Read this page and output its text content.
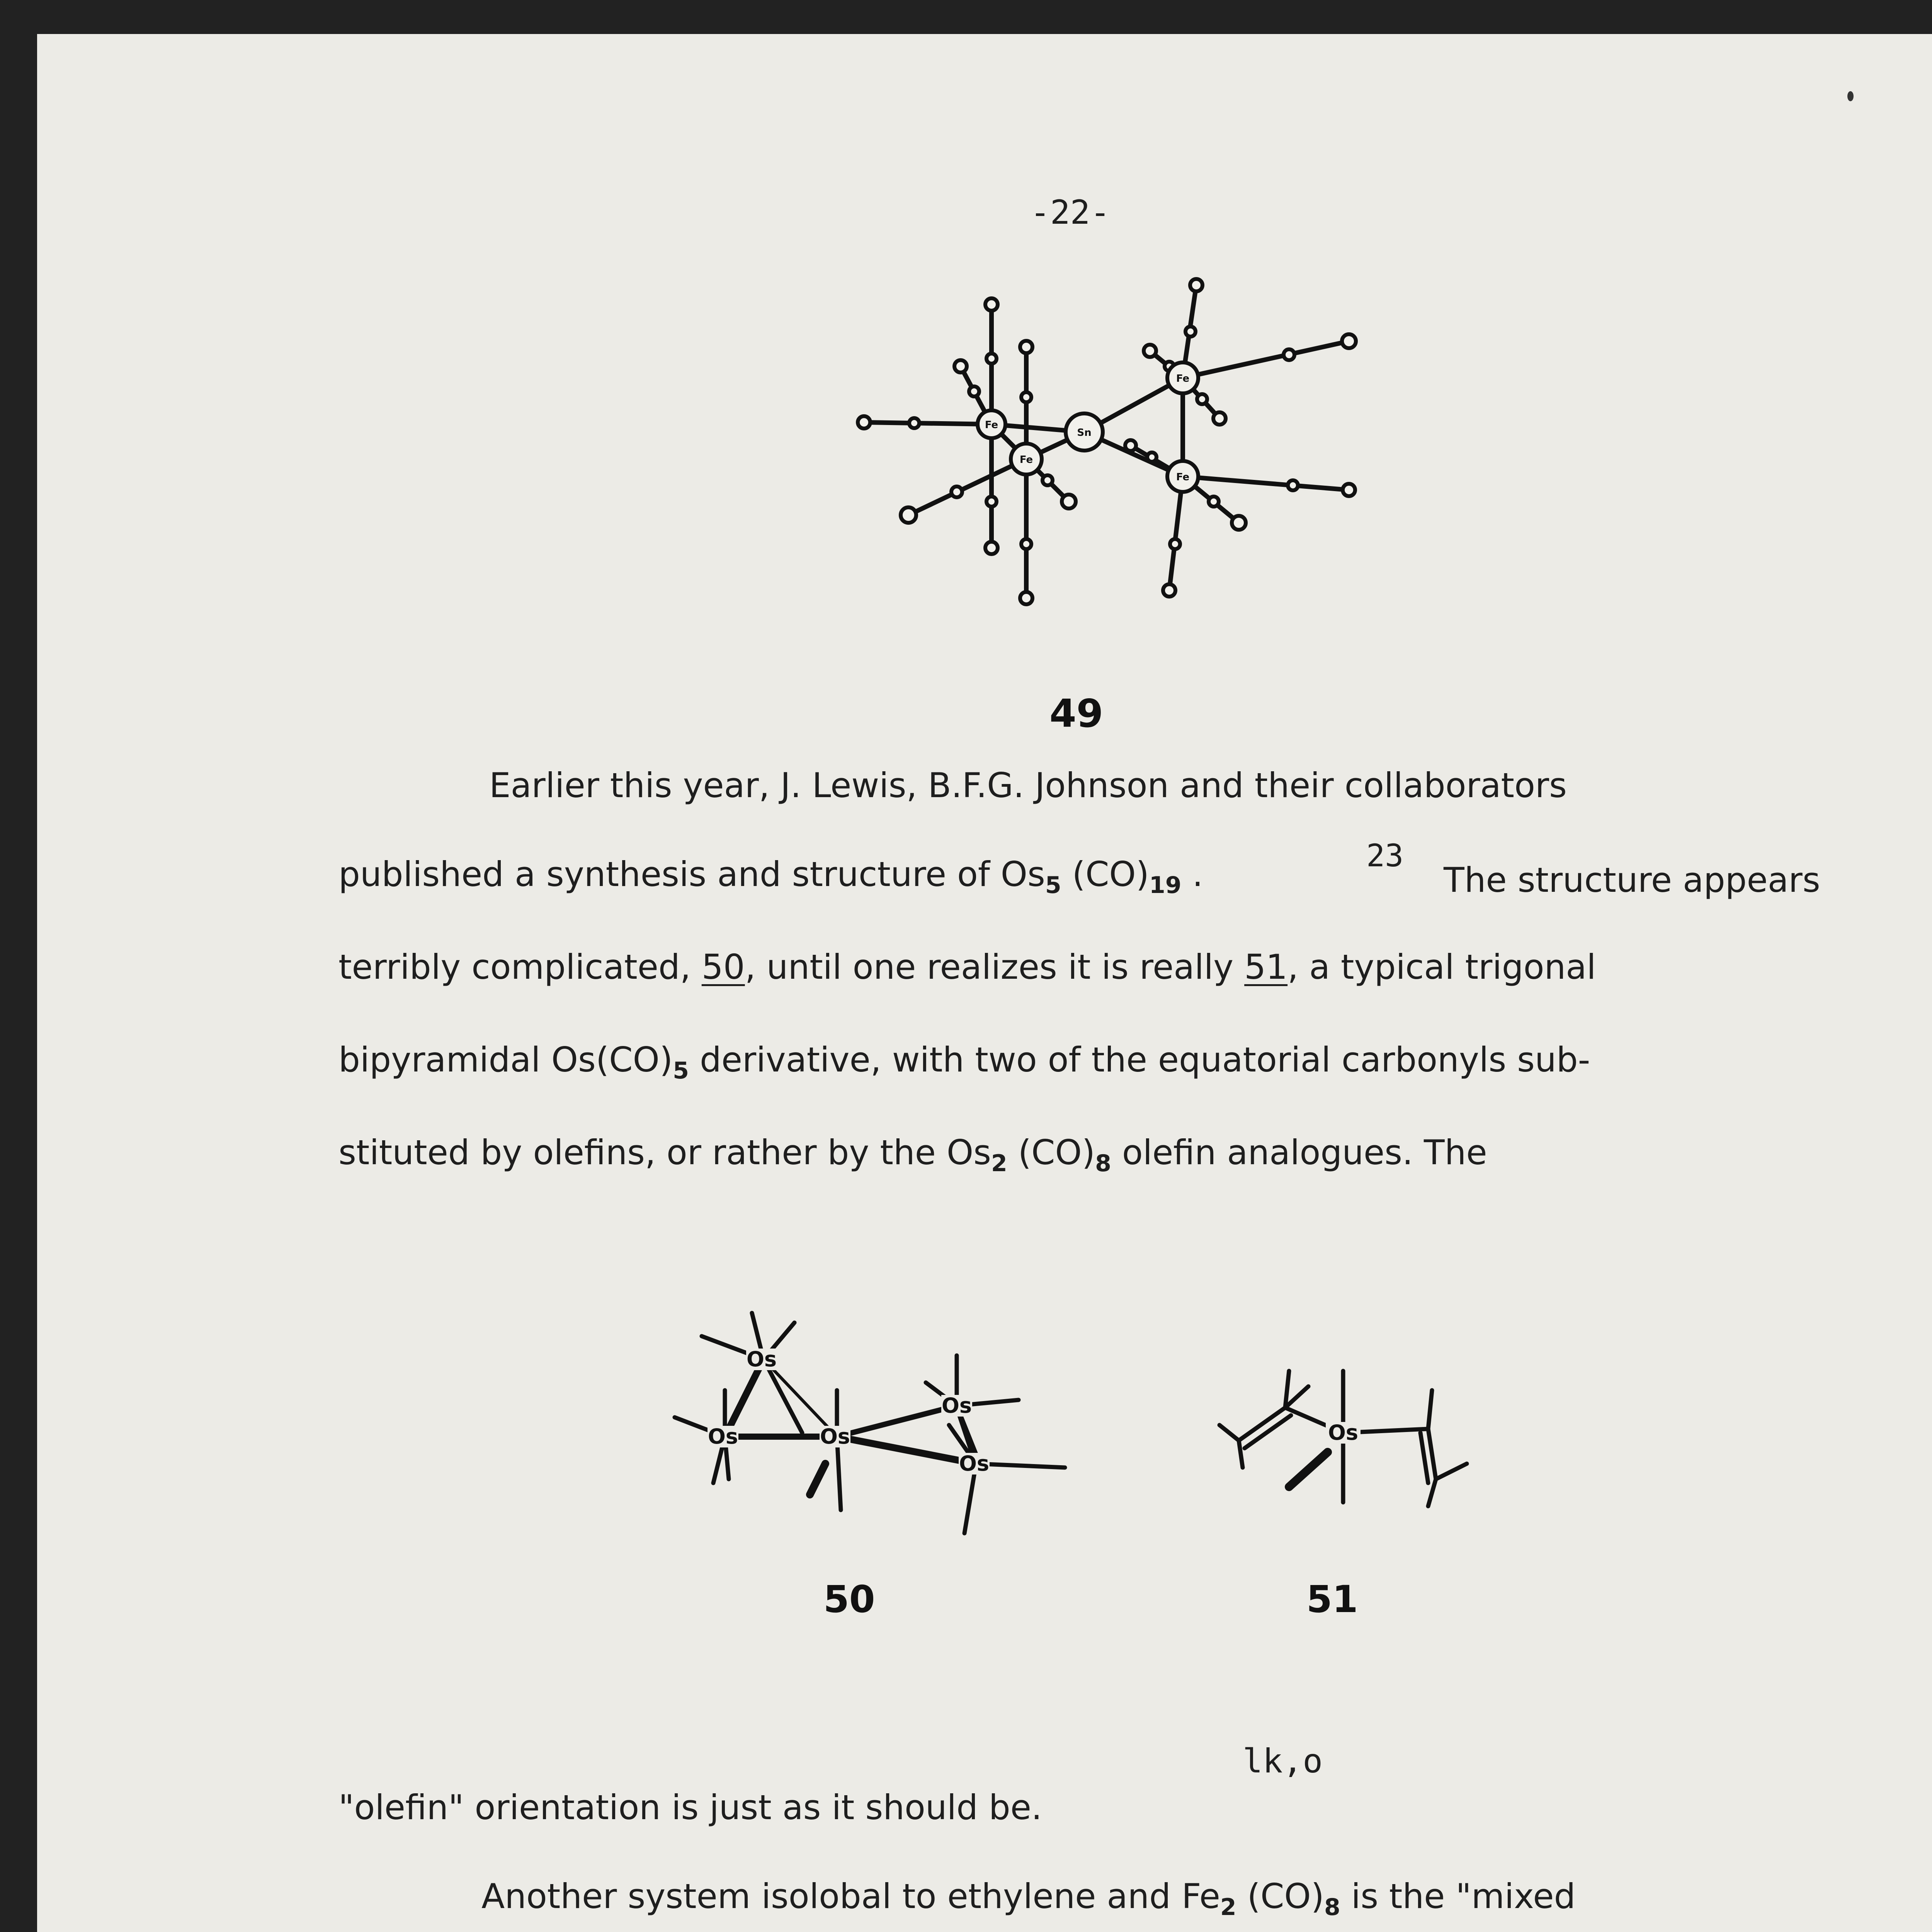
-22-
Fe
Fe
Sn
Fe
Fe
49
Earlier this year, J. Lewis, B.F.G. Johnson and their collaborators
published a synthesis and structure of $Os_5$ $(CO)_{19}$ .	23
The structure appears
terribly complicated, 50, until one realizes it is really 51, a typical trigonal
bipyramidal $Os(CO)_5$ derivative, with two of the equatorial carbonyls sub-
stituted by olefins, or rather by the $Os_2$ $(CO)_8$ olefin analogues. The
Os
Os	Os
Os
Os
50
Os
51
lk,o
"olefin" orientation is just as it should be.
Another system isolobal to ethylene and $Fe_2$ $(CO)_8$ is the "mixed
